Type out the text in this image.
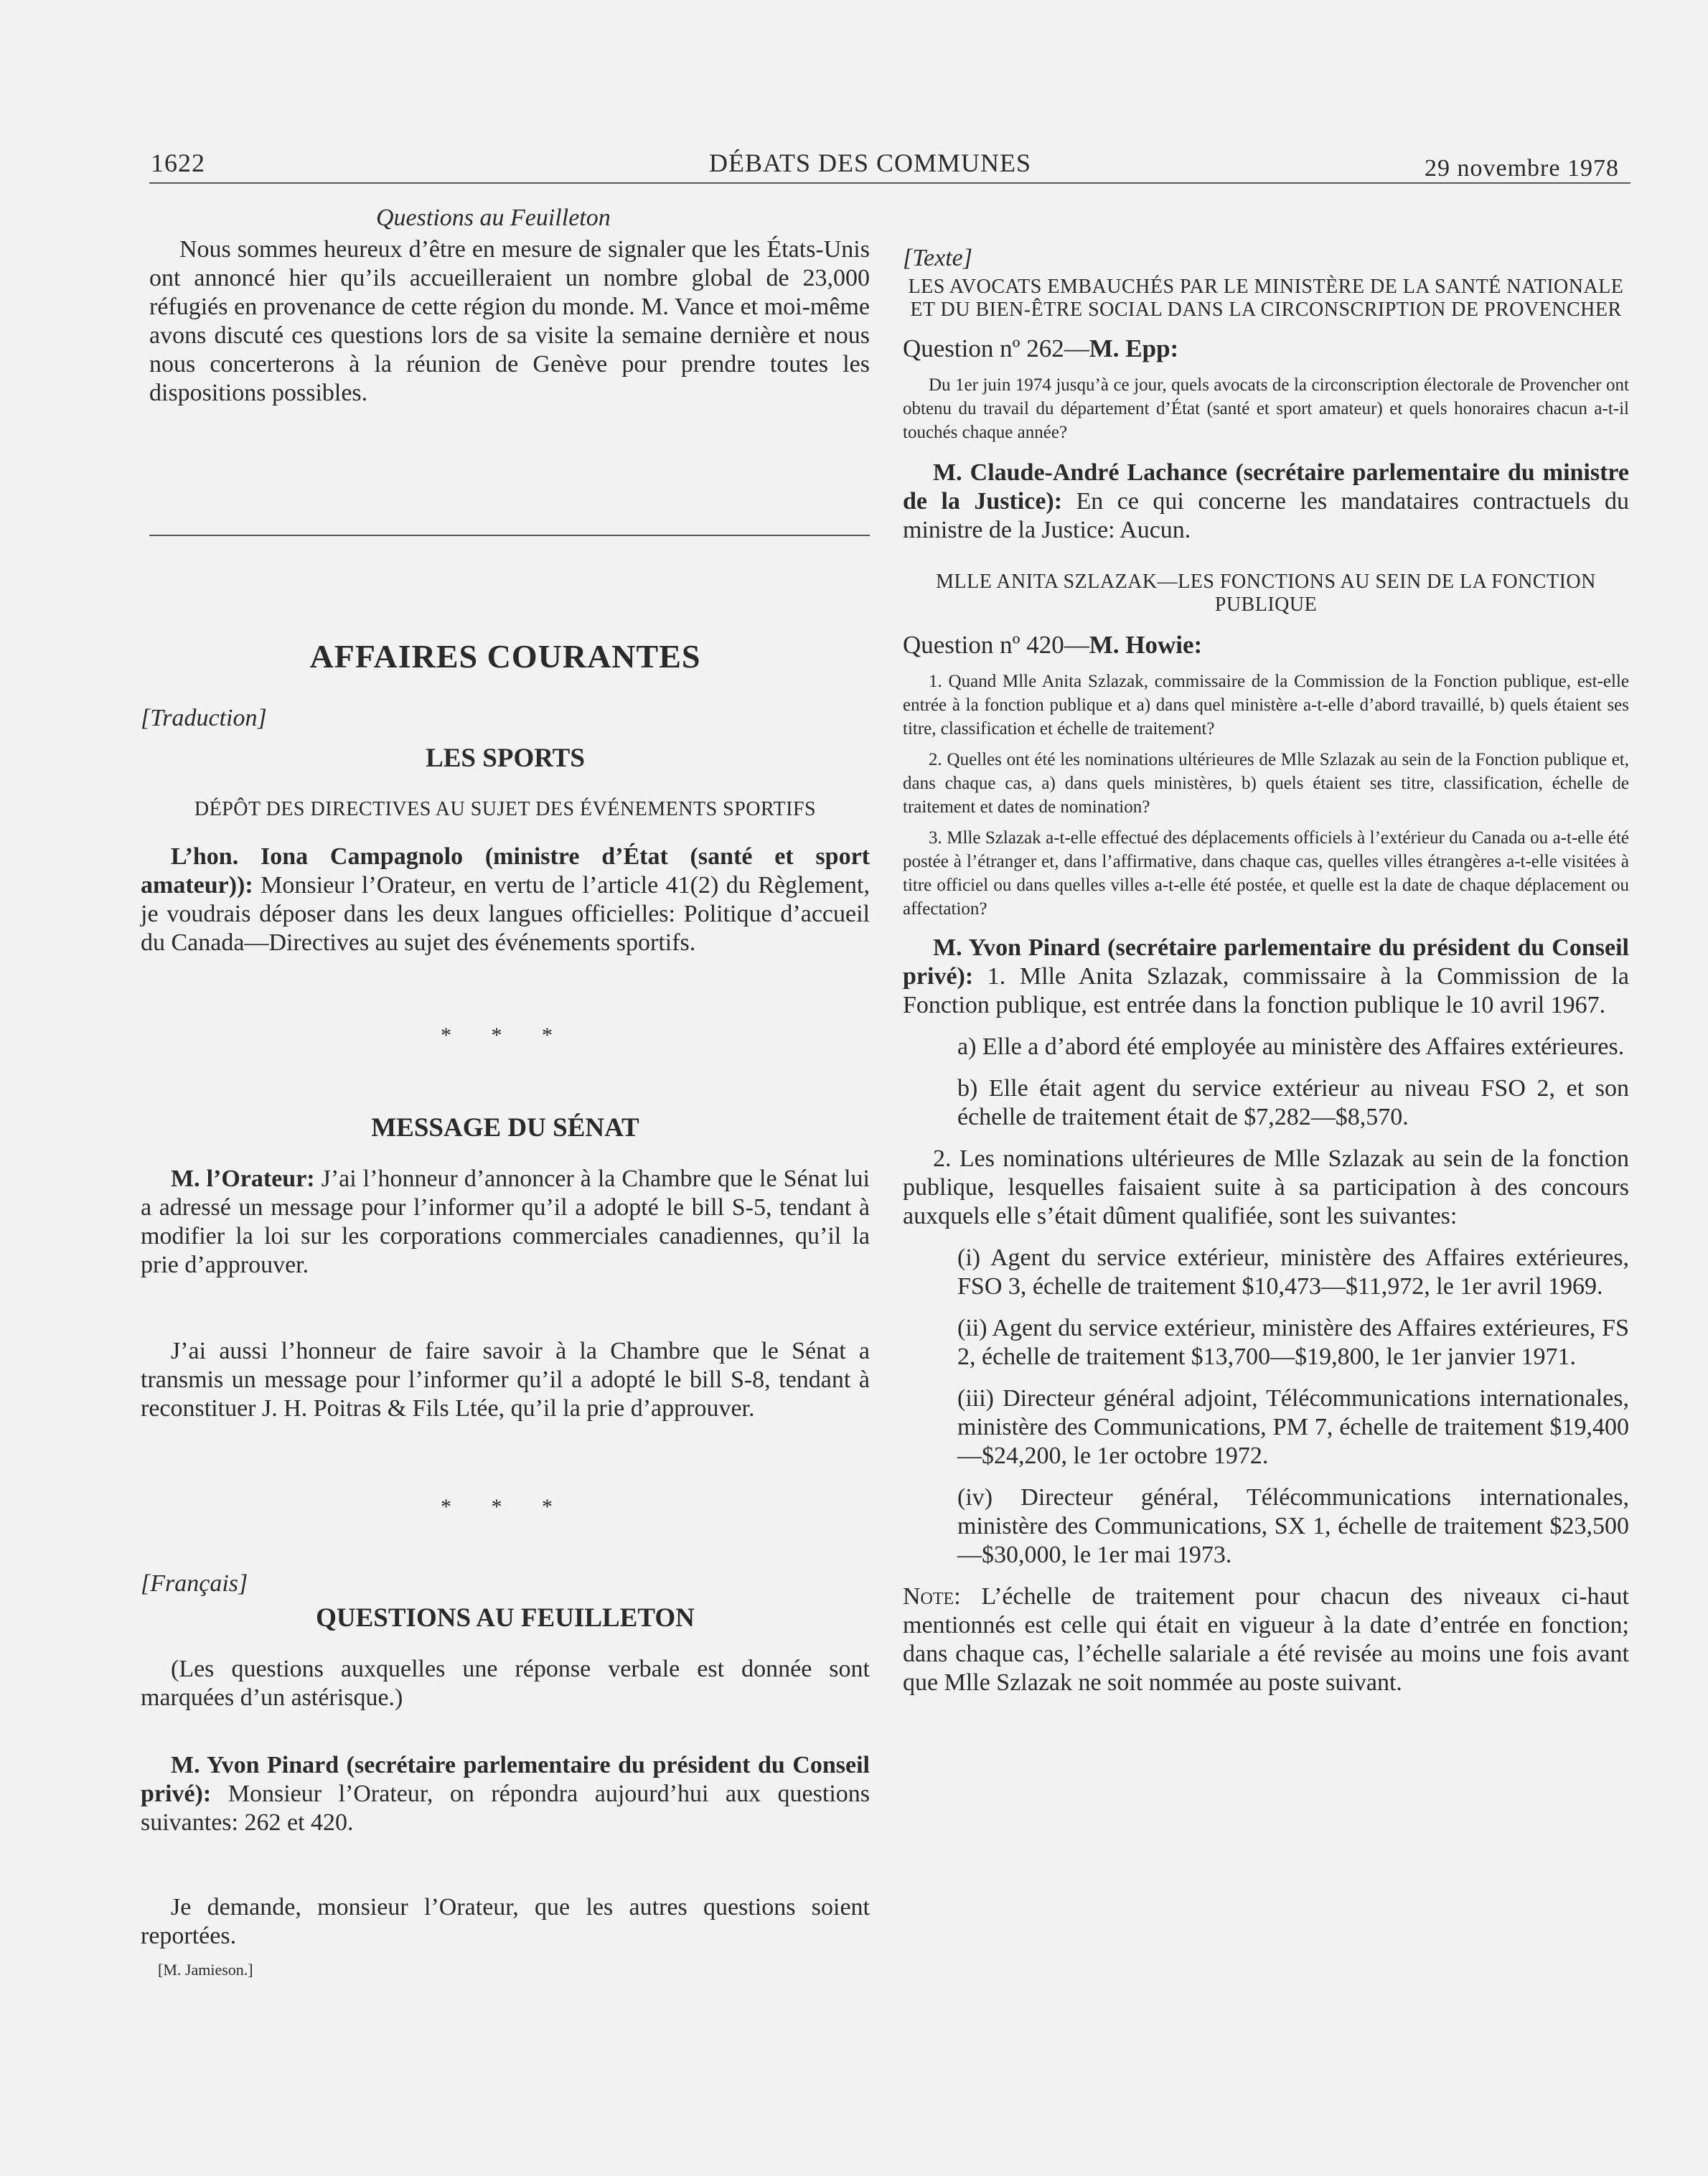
1622	DÉBATS DES COMMUNES	29 novembre 1978
Questions au Feuilleton

Nous sommes heureux d’être en mesure de signaler que les États-Unis ont annoncé hier qu’ils accueilleraient un nombre global de 23,000 réfugiés en provenance de cette région du monde. M. Vance et moi-même avons discuté ces questions lors de sa visite la semaine dernière et nous nous concerterons à la réunion de Genève pour prendre toutes les dispositions possibles.

AFFAIRES COURANTES
[Traduction]
LES SPORTS
DÉPÔT DES DIRECTIVES AU SUJET DES ÉVÉNEMENTS SPORTIFS

L’hon. Iona Campagnolo (ministre d’État (santé et sport amateur)): Monsieur l’Orateur, en vertu de l’article 41(2) du Règlement, je voudrais déposer dans les deux langues officielles: Politique d’accueil du Canada—Directives au sujet des événements sportifs.

* * *
MESSAGE DU SÉNAT

M. l’Orateur: J’ai l’honneur d’annoncer à la Chambre que le Sénat lui a adressé un message pour l’informer qu’il a adopté le bill S-5, tendant à modifier la loi sur les corporations commerciales canadiennes, qu’il la prie d’approuver.

J’ai aussi l’honneur de faire savoir à la Chambre que le Sénat a transmis un message pour l’informer qu’il a adopté le bill S-8, tendant à reconstituer J. H. Poitras & Fils Ltée, qu’il la prie d’approuver.

* * *
[Français]
QUESTIONS AU FEUILLETON

(Les questions auxquelles une réponse verbale est donnée sont marquées d’un astérisque.)

M. Yvon Pinard (secrétaire parlementaire du président du Conseil privé): Monsieur l’Orateur, on répondra aujourd’hui aux questions suivantes: 262 et 420.

Je demande, monsieur l’Orateur, que les autres questions soient reportées.

[M. Jamieson.]
[Texte]
LES AVOCATS EMBAUCHÉS PAR LE MINISTÈRE DE LA SANTÉ NATIONALE ET DU BIEN-ÊTRE SOCIAL DANS LA CIRCONSCRIPTION DE PROVENCHER
Question nº 262—M. Epp:

Du 1er juin 1974 jusqu’à ce jour, quels avocats de la circonscription électorale de Provencher ont obtenu du travail du département d’État (santé et sport amateur) et quels honoraires chacun a-t-il touchés chaque année?

M. Claude-André Lachance (secrétaire parlementaire du ministre de la Justice): En ce qui concerne les mandataires contractuels du ministre de la Justice: Aucun.

MLLE ANITA SZLAZAK—LES FONCTIONS AU SEIN DE LA FONCTION PUBLIQUE
Question nº 420—M. Howie:

1. Quand Mlle Anita Szlazak, commissaire de la Commission de la Fonction publique, est-elle entrée à la fonction publique et a) dans quel ministère a-t-elle d’abord travaillé, b) quels étaient ses titre, classification et échelle de traitement?

2. Quelles ont été les nominations ultérieures de Mlle Szlazak au sein de la Fonction publique et, dans chaque cas, a) dans quels ministères, b) quels étaient ses titre, classification, échelle de traitement et dates de nomination?

3. Mlle Szlazak a-t-elle effectué des déplacements officiels à l’extérieur du Canada ou a-t-elle été postée à l’étranger et, dans l’affirmative, dans chaque cas, quelles villes étrangères a-t-elle visitées à titre officiel ou dans quelles villes a-t-elle été postée, et quelle est la date de chaque déplacement ou affectation?

M. Yvon Pinard (secrétaire parlementaire du président du Conseil privé): 1. Mlle Anita Szlazak, commissaire à la Commission de la Fonction publique, est entrée dans la fonction publique le 10 avril 1967.

a) Elle a d’abord été employée au ministère des Affaires extérieures.

b) Elle était agent du service extérieur au niveau FSO 2, et son échelle de traitement était de $7,282—$8,570.

2. Les nominations ultérieures de Mlle Szlazak au sein de la fonction publique, lesquelles faisaient suite à sa participation à des concours auxquels elle s’était dûment qualifiée, sont les suivantes:

(i) Agent du service extérieur, ministère des Affaires extérieures, FSO 3, échelle de traitement $10,473—$11,972, le 1er avril 1969.

(ii) Agent du service extérieur, ministère des Affaires extérieures, FS 2, échelle de traitement $13,700—$19,800, le 1er janvier 1971.

(iii) Directeur général adjoint, Télécommunications internationales, ministère des Communications, PM 7, échelle de traitement $19,400—$24,200, le 1er octobre 1972.

(iv) Directeur général, Télécommunications internationales, ministère des Communications, SX 1, échelle de traitement $23,500—$30,000, le 1er mai 1973.

Note: L’échelle de traitement pour chacun des niveaux ci-haut mentionnés est celle qui était en vigueur à la date d’entrée en fonction; dans chaque cas, l’échelle salariale a été revisée au moins une fois avant que Mlle Szlazak ne soit nommée au poste suivant.
